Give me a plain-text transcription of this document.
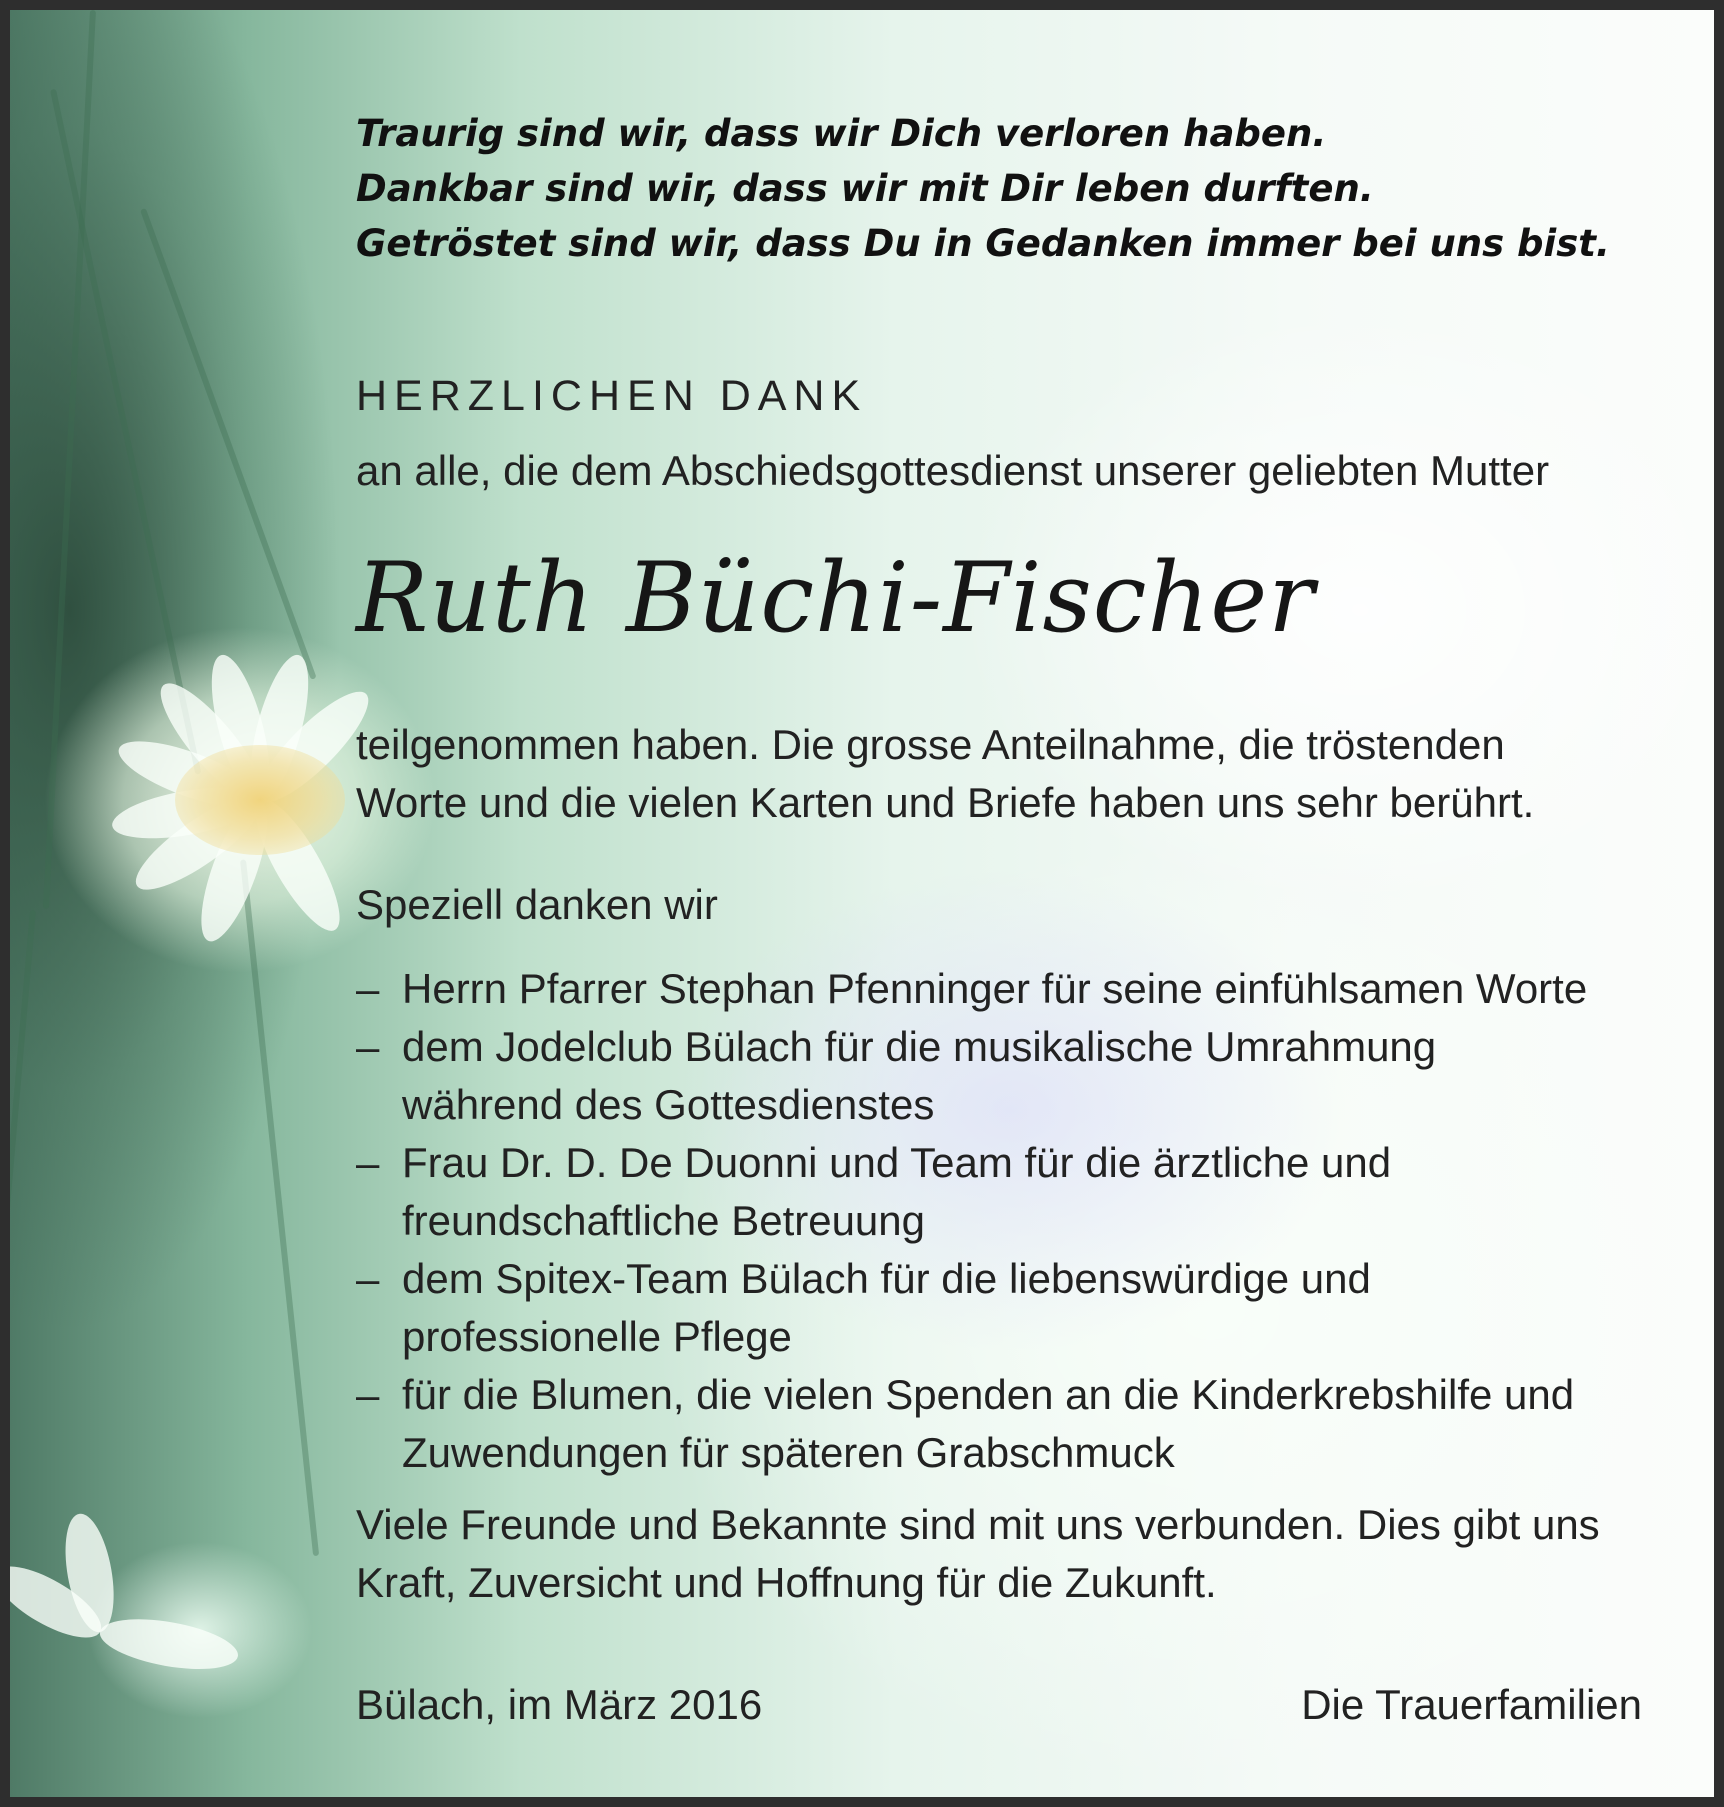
Traurig sind wir, dass wir Dich verloren haben.
Dankbar sind wir, dass wir mit Dir leben durften.
Getröstet sind wir, dass Du in Gedanken immer bei uns bist.
HERZLICHEN DANK
an alle, die dem Abschiedsgottesdienst unserer geliebten Mutter
Ruth Büchi-Fischer
teilgenommen haben. Die grosse Anteilnahme, die tröstenden
Worte und die vielen Karten und Briefe haben uns sehr berührt.
Speziell danken wir
– Herrn Pfarrer Stephan Pfenninger für seine einfühlsamen Worte
– dem Jodelclub Bülach für die musikalische Umrahmung
während des Gottesdienstes
– Frau Dr. D. De Duonni und Team für die ärztliche und
freundschaftliche Betreuung
– dem Spitex-Team Bülach für die liebenswürdige und
professionelle Pflege
– für die Blumen, die vielen Spenden an die Kinderkrebshilfe und
Zuwendungen für späteren Grabschmuck
Viele Freunde und Bekannte sind mit uns verbunden. Dies gibt uns
Kraft, Zuversicht und Hoffnung für die Zukunft.
Bülach, im März 2016	Die Trauerfamilien
